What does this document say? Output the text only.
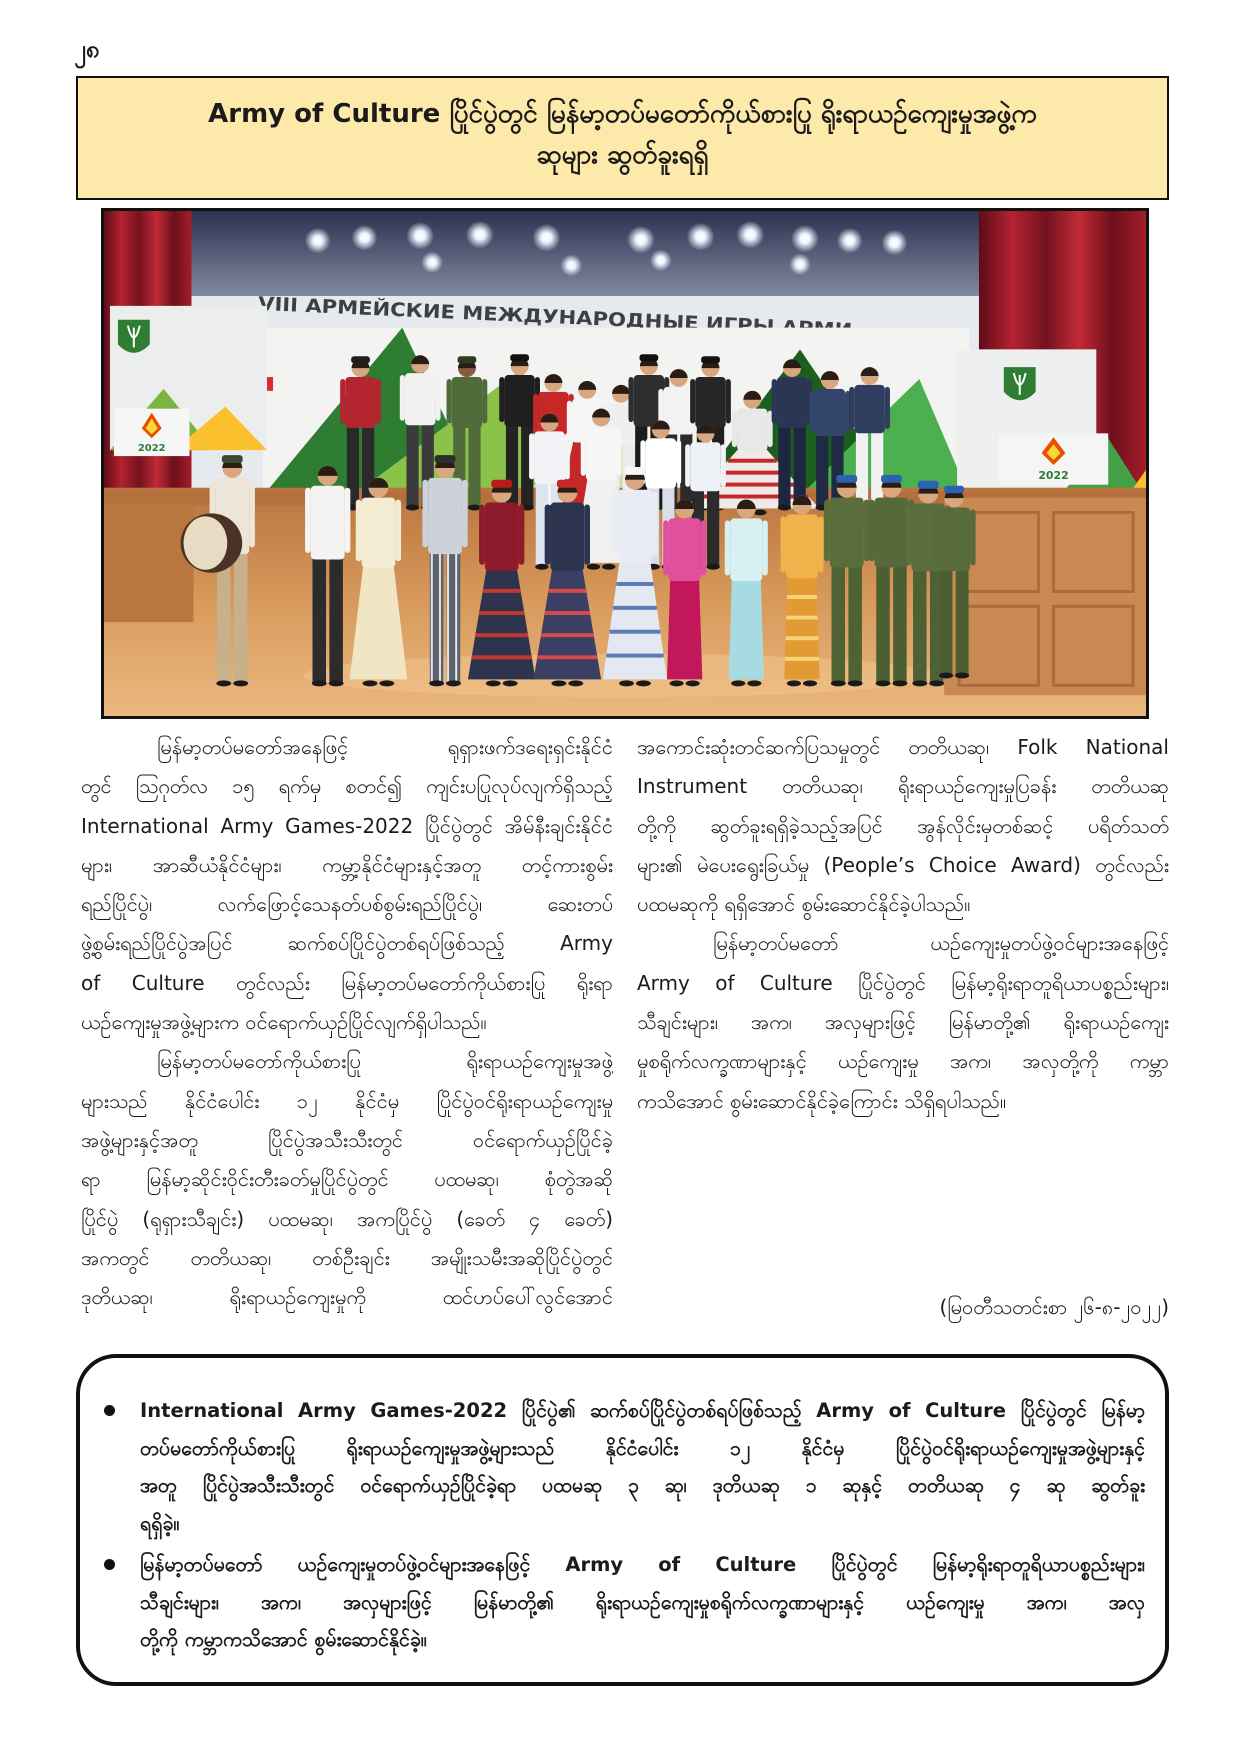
၂၈
Army of Culture ပြိုင်ပွဲတွင် မြန်မာ့တပ်မတော်ကိုယ်စားပြု ရိုးရာယဉ်ကျေးမှုအဖွဲ့က
ဆုများ ဆွတ်ခူးရရှိ
VIII АРМЕЙСКИЕ МЕЖДУНАРОДНЫЕ ИГРЫ АРМИ
2022
2022
မြန်မာ့တပ်မတော်အနေဖြင့် ရုရှားဖက်ဒရေးရှင်းနိုင်ငံ
တွင် ဩဂုတ်လ ၁၅ ရက်မှ စတင်၍ ကျင်းပပြုလုပ်လျက်ရှိသည့်
International Army Games-2022 ပြိုင်ပွဲတွင် အိမ်နီးချင်းနိုင်ငံ
များ၊ အာဆီယံနိုင်ငံများ၊ ကမ္ဘာ့နိုင်ငံများနှင့်အတူ တင့်ကားစွမ်း
ရည်ပြိုင်ပွဲ၊ လက်ဖြောင့်သေနတ်ပစ်စွမ်းရည်ပြိုင်ပွဲ၊ ဆေးတပ်
ဖွဲ့စွမ်းရည်ပြိုင်ပွဲအပြင် ဆက်စပ်ပြိုင်ပွဲတစ်ရပ်ဖြစ်သည့် Army
of Culture တွင်လည်း မြန်မာ့တပ်မတော်ကိုယ်စားပြု ရိုးရာ
ယဉ်ကျေးမှုအဖွဲ့များက ဝင်ရောက်ယှဉ်ပြိုင်လျက်ရှိပါသည်။
မြန်မာ့တပ်မတော်ကိုယ်စားပြု ရိုးရာယဉ်ကျေးမှုအဖွဲ့
များသည် နိုင်ငံပေါင်း ၁၂ နိုင်ငံမှ ပြိုင်ပွဲဝင်ရိုးရာယဉ်ကျေးမှု
အဖွဲ့များနှင့်အတူ ပြိုင်ပွဲအသီးသီးတွင် ဝင်ရောက်ယှဉ်ပြိုင်ခဲ့
ရာ မြန်မာ့ဆိုင်းဝိုင်းတီးခတ်မှုပြိုင်ပွဲတွင် ပထမဆု၊ စုံတွဲအဆို
ပြိုင်ပွဲ (ရုရှားသီချင်း) ပထမဆု၊ အကပြိုင်ပွဲ (ခေတ် ၄ ခေတ်)
အကတွင် တတိယဆု၊ တစ်ဦးချင်း အမျိုးသမီးအဆိုပြိုင်ပွဲတွင်
ဒုတိယဆု၊ ရိုးရာယဉ်ကျေးမှုကို ထင်ဟပ်ပေါ်လွင်အောင်
အကောင်းဆုံးတင်ဆက်ပြသမှုတွင် တတိယဆု၊ Folk National
Instrument တတိယဆု၊ ရိုးရာယဉ်ကျေးမှုပြခန်း တတိယဆု
တို့ကို ဆွတ်ခူးရရှိခဲ့သည့်အပြင် အွန်လိုင်းမှတစ်ဆင့် ပရိတ်သတ်
များ၏ မဲပေးရွေးခြယ်မှု (People’s Choice Award) တွင်လည်း
ပထမဆုကို ရရှိအောင် စွမ်းဆောင်နိုင်ခဲ့ပါသည်။
မြန်မာ့တပ်မတော် ယဉ်ကျေးမှုတပ်ဖွဲ့ဝင်များအနေဖြင့်
Army of Culture ပြိုင်ပွဲတွင် မြန်မာ့ရိုးရာတူရိယာပစ္စည်းများ၊
သီချင်းများ၊ အက၊ အလှများဖြင့် မြန်မာတို့၏ ရိုးရာယဉ်ကျေး
မှုစရိုက်လက္ခဏာများနှင့် ယဉ်ကျေးမှု အက၊ အလှတို့ကို ကမ္ဘာ
ကသိအောင် စွမ်းဆောင်နိုင်ခဲ့ကြောင်း သိရှိရပါသည်။
(မြဝတီသတင်းစာ ၂၆-၈-၂၀၂၂)
International Army Games-2022 ပြိုင်ပွဲ၏ ဆက်စပ်ပြိုင်ပွဲတစ်ရပ်ဖြစ်သည့် Army of Culture ပြိုင်ပွဲတွင် မြန်မာ့
တပ်မတော်ကိုယ်စားပြု ရိုးရာယဉ်ကျေးမှုအဖွဲ့များသည် နိုင်ငံပေါင်း ၁၂ နိုင်ငံမှ ပြိုင်ပွဲဝင်ရိုးရာယဉ်ကျေးမှုအဖွဲ့များနှင့်
အတူ ပြိုင်ပွဲအသီးသီးတွင် ဝင်ရောက်ယှဉ်ပြိုင်ခဲ့ရာ ပထမဆု ၃ ဆု၊ ဒုတိယဆု ၁ ဆုနှင့် တတိယဆု ၄ ဆု ဆွတ်ခူး
ရရှိခဲ့။
မြန်မာ့တပ်မတော် ယဉ်ကျေးမှုတပ်ဖွဲ့ဝင်များအနေဖြင့် Army of Culture ပြိုင်ပွဲတွင် မြန်မာ့ရိုးရာတူရိယာပစ္စည်းများ၊
သီချင်းများ၊ အက၊ အလှများဖြင့် မြန်မာတို့၏ ရိုးရာယဉ်ကျေးမှုစရိုက်လက္ခဏာများနှင့် ယဉ်ကျေးမှု အက၊ အလှ
တို့ကို ကမ္ဘာကသိအောင် စွမ်းဆောင်နိုင်ခဲ့။
